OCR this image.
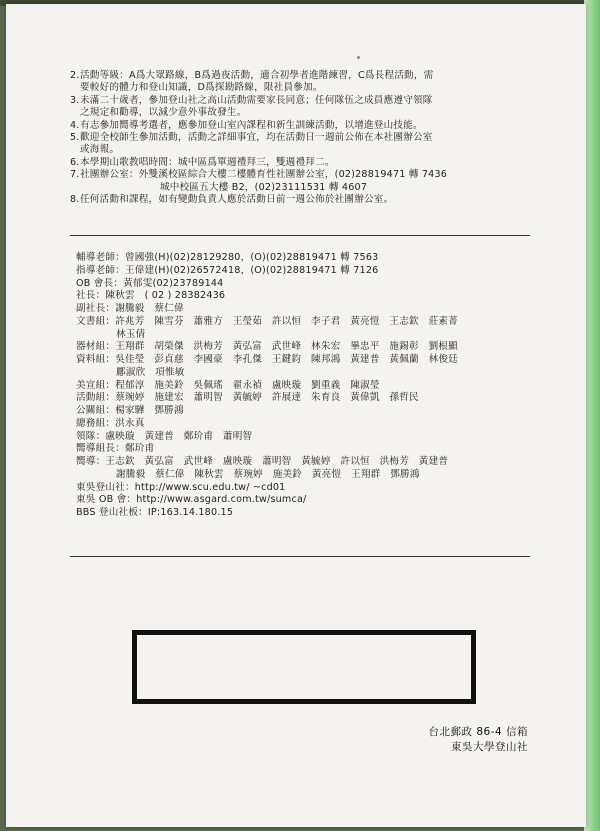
2. 活動等級：A爲大眾路線，B爲過夜活動，適合初學者進階練習，C爲長程活動，需
要較好的體力和登山知識，D爲探勘路線，限社員參加。
3. 未滿二十歲者，參加登山社之高山活動需要家長同意；任何隊伍之成員應遵守領隊
之規定和勸導，以減少意外事故發生。
4. 有志參加嚮導考選者，應參加登山室內課程和新生訓練活動，以增進登山技能。
5. 歡迎全校師生參加活動，活動之詳細事宜，均在活動日一週前公佈在本社團辦公室
或海報。
6. 本學期山歌教唱時間：城中區爲單週禮拜三，雙週禮拜二。
7. 社團辦公室：外雙溪校區綜合大樓二樓體育性社團辦公室，(02)28819471 轉 7436
城中校區五大樓 B2，(02)23111531 轉 4607
8. 任何活動和課程，如有變動負責人應於活動日前一週公佈於社團辦公室。
輔導老師： 曾國強(H)(02)28129280，(O)(02)28819471 轉 7563
指導老師： 王偉建(H)(02)26572418，(O)(02)28819471 轉 7126
OB 會長： 黃郁雯(02)23789144
社長： 陳秋雲　( 02 ) 28382436
副社長： 謝騰毅　蔡仁偉
文書組： 許兆芳　陳雪芬　蕭雅方　王瑩茹　許以恒　李子君　黃亮愷　王志欽　莊素菁
林玉倩
器材組： 王翔群　胡榮傑　洪梅芳　黃弘富　武世峰　林朱宏　畢忠平　施錫彰　劉根顯
資料組： 吳佳瑩　彭貞慈　李國豪　李孔傑　王鍵鈞　陳邦鴻　黃建普　黃佩蘭　林俊廷
酈淑欣　項惟敏
美宣組： 程郁淳　施美鈴　吳佩瑤　翟永禎　盧映璇　劉重義　陳淑瑩
活動組： 蔡琬婷　施建宏　蕭明智　黃毓婷　許展達　朱育良　黃偉凱　孫哲民
公關組： 楊家驊　鄧勝鴻
總務組： 洪永真
領隊： 盧映璇　黃建普　鄭玠甫　蕭明智
嚮導組長： 鄭玠甫
嚮導： 王志欽　黃弘富　武世峰　盧映璇　蕭明智　黃毓婷　許以恒　洪梅芳　黃建普
謝騰毅　蔡仁偉　陳秋雲　蔡琬婷　施美鈴　黃亮愷　王翔群　鄧勝鴻
東吳登山社： http://www.scu.edu.tw/ ~cd01
東吳 OB 會： http://www.asgard.com.tw/sumca/
BBS 登山社板： IP:163.14.180.15
台北郵政 86-4 信箱
東吳大學登山社
